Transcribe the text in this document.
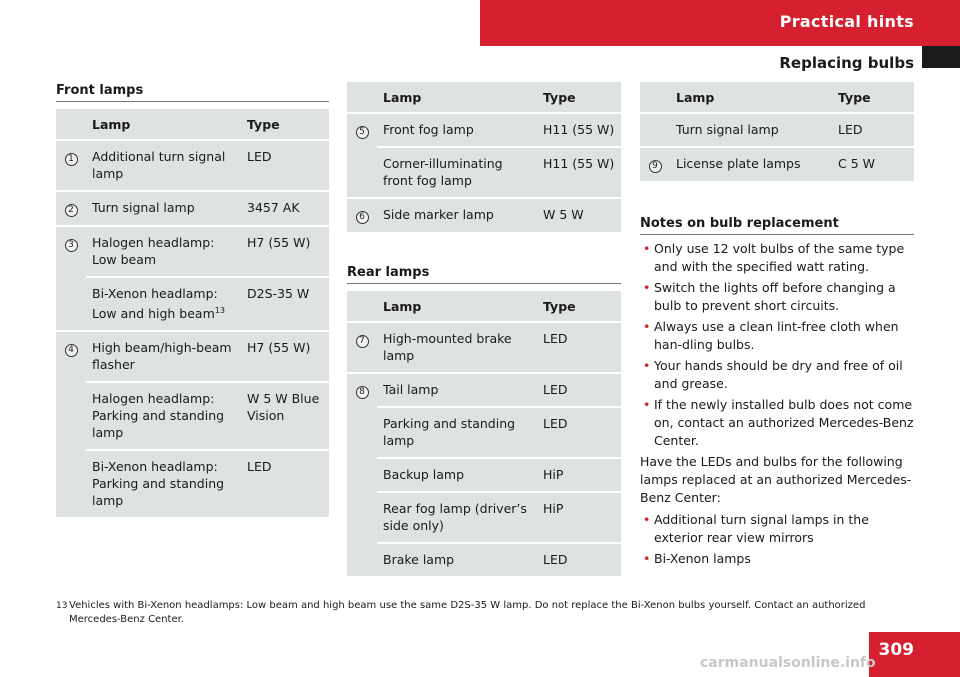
Practical hints
Replacing bulbs
Front lamps
	Lamp	Type
1	Additional turn signal lamp	LED
2	Turn signal lamp	3457 AK
3	Halogen headlamp: Low beam	H7 (55 W)
	Bi-Xenon headlamp: Low and high beam$^{13}$	D2S-35 W
4	High beam/high-beam flasher	H7 (55 W)
	Halogen headlamp: Parking and standing lamp	W 5 W Blue Vision
	Bi-Xenon headlamp: Parking and standing lamp	LED
	Lamp	Type
5	Front fog lamp	H11 (55 W)
	Corner-illuminating front fog lamp	H11 (55 W)
6	Side marker lamp	W 5 W
Rear lamps
	Lamp	Type
7	High-mounted brake lamp	LED
8	Tail lamp	LED
	Parking and standing lamp	LED
	Backup lamp	HiP
	Rear fog lamp (driver’s side only)	HiP
	Brake lamp	LED
	Lamp	Type
	Turn signal lamp	LED
9	License plate lamps	C 5 W
Notes on bulb replacement
• Only use 12 volt bulbs of the same type and with the specified watt rating.
• Switch the lights off before changing a bulb to prevent short circuits.
• Always use a clean lint-free cloth when han-dling bulbs.
• Your hands should be dry and free of oil and grease.
• If the newly installed bulb does not come on, contact an authorized Mercedes-Benz Center.

Have the LEDs and bulbs for the following lamps replaced at an authorized Mercedes-Benz Center:

• Additional turn signal lamps in the exterior rear view mirrors
• Bi-Xenon lamps
13 Vehicles with Bi-Xenon headlamps: Low beam and high beam use the same D2S-35 W lamp. Do not replace the Bi-Xenon bulbs yourself. Contact an authorized Mercedes-Benz Center.
309
carmanualsonline.info
